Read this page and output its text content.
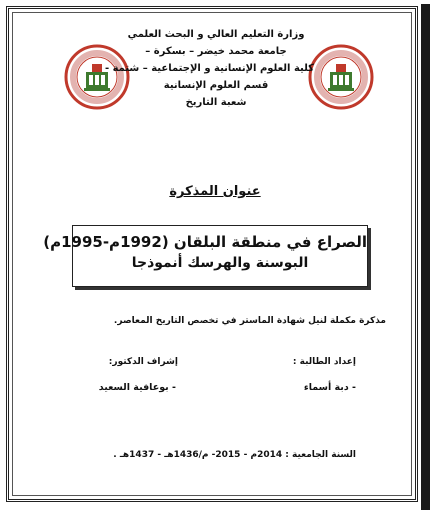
وزارة التعليم العالي و البحث العلمي
جامعة محمد خيضر – بسكرة –
كلية العلوم الإنسانية و الإجتماعية – شتمة -
قسم العلوم الإنسانية
شعبة التاريخ
عنوان المذكرة
الصراع في منطقة البلقان (1992م-1995م)
البوسنة والهرسك أنموذجا
مذكرة مكملة لنيل شهادة الماستر في تخصص التاريخ المعاصر.
إعداد الطالبة :
إشراف الدكتور:
- دبة أسماء
- بوعافية السعيد
السنة الجامعية : 2014م - 2015- م/1436هـ - 1437هـ .
